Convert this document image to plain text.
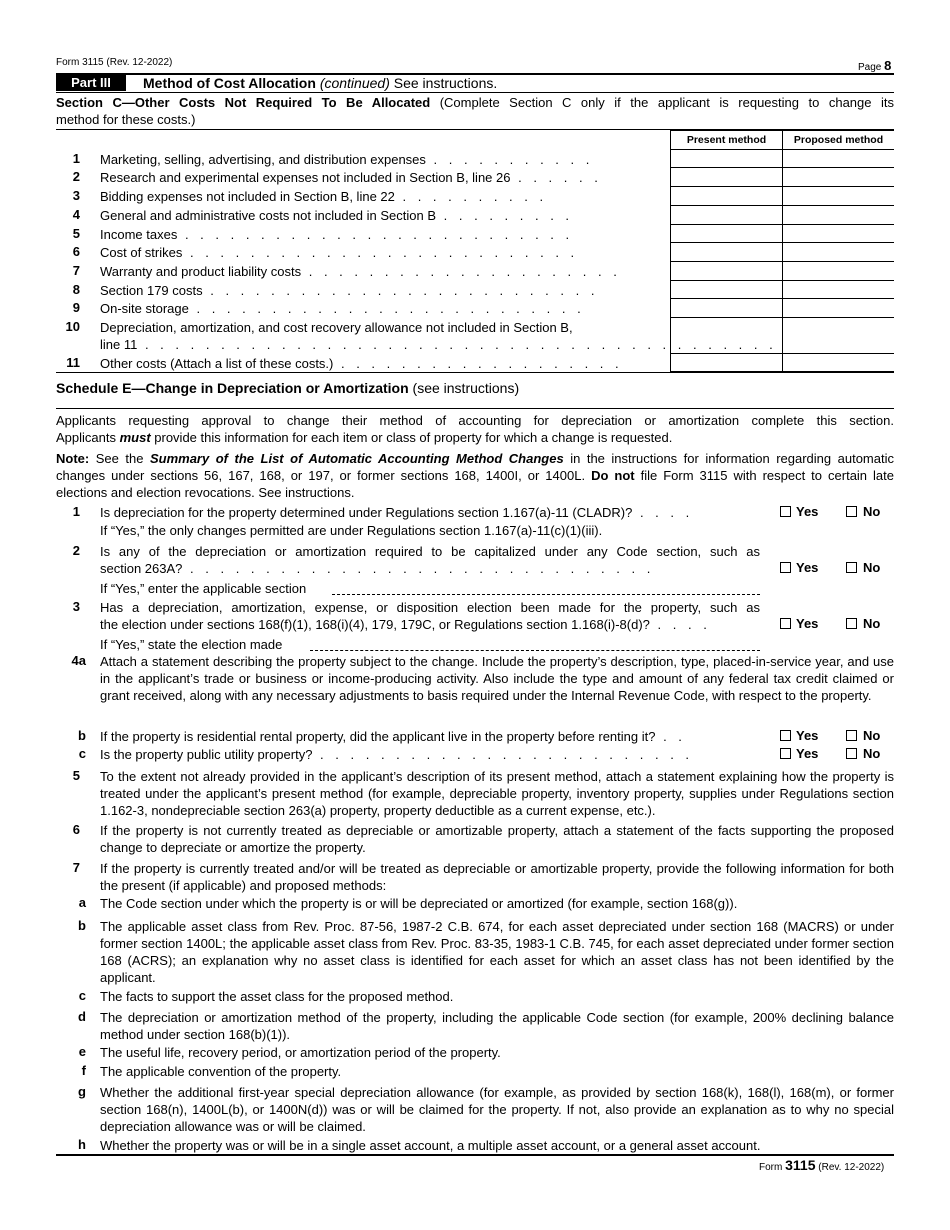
Form 3115 (Rev. 12-2022)	Page 8
Part III	Method of Cost Allocation (continued) See instructions.
Section C—Other Costs Not Required To Be Allocated (Complete Section C only if the applicant is requesting to change its
method for these costs.)
Present method	Proposed method
1 Marketing, selling, advertising, and distribution expenses . . . . . . . . . . .
2 Research and experimental expenses not included in Section B, line 26 . . . . . .
3 Bidding expenses not included in Section B, line 22 . . . . . . . . . .
4 General and administrative costs not included in Section B . . . . . . . . .
5 Income taxes . . . . . . . . . . . . . . . . . . . . . . . . . .
6 Cost of strikes . . . . . . . . . . . . . . . . . . . . . . . . . .
7 Warranty and product liability costs . . . . . . . . . . . . . . . . . . . . .
8 Section 179 costs . . . . . . . . . . . . . . . . . . . . . . . . . .
9 On-site storage . . . . . . . . . . . . . . . . . . . . . . . . . .
10 Depreciation, amortization, and cost recovery allowance not included in Section B,
line 11 . . . . . . . . . . . . . . . . . . . . . . . . . . . . . . . . . . . . . . . . . .
11 Other costs (Attach a list of these costs.) . . . . . . . . . . . . . . . . . . .
Schedule E—Change in Depreciation or Amortization (see instructions)
Applicants requesting approval to change their method of accounting for depreciation or amortization complete this section.
Applicants must provide this information for each item or class of property for which a change is requested.
Note: See the Summary of the List of Automatic Accounting Method Changes in the instructions for information regarding automatic
changes under sections 56, 167, 168, or 197, or former sections 168, 1400I, or 1400L. Do not file Form 3115 with respect to certain late
elections and election revocations. See instructions.
1 Is depreciation for the property determined under Regulations section 1.167(a)-11 (CLADR)? . . . .	Yes	No
If “Yes,” the only changes permitted are under Regulations section 1.167(a)-11(c)(1)(iii).
2 Is any of the depreciation or amortization required to be capitalized under any Code section, such as
section 263A? . . . . . . . . . . . . . . . . . . . . . . . . . . . . . . .	Yes	No
If “Yes,” enter the applicable section
3 Has a depreciation, amortization, expense, or disposition election been made for the property, such as
the election under sections 168(f)(1), 168(i)(4), 179, 179C, or Regulations section 1.168(i)-8(d)? . . . .	Yes	No
If “Yes,” state the election made
4a Attach a statement describing the property subject to the change. Include the property’s description, type, placed-in-service year, and use in the applicant’s trade or business or income-producing activity. Also include the type and amount of any federal tax credit claimed or grant received, along with any necessary adjustments to basis required under the Internal Revenue Code, with respect to the property.
b If the property is residential rental property, did the applicant live in the property before renting it? . .	Yes	No
c Is the property public utility property? . . . . . . . . . . . . . . . . . . . . . . . . .	Yes	No
5 To the extent not already provided in the applicant’s description of its present method, attach a statement explaining how the property is treated under the applicant’s present method (for example, depreciable property, inventory property, supplies under Regulations section 1.162-3, nondepreciable section 263(a) property, property deductible as a current expense, etc.).
6 If the property is not currently treated as depreciable or amortizable property, attach a statement of the facts supporting the proposed change to depreciate or amortize the property.
7 If the property is currently treated and/or will be treated as depreciable or amortizable property, provide the following information for both the present (if applicable) and proposed methods:
a The Code section under which the property is or will be depreciated or amortized (for example, section 168(g)).
b The applicable asset class from Rev. Proc. 87-56, 1987-2 C.B. 674, for each asset depreciated under section 168 (MACRS) or under former section 1400L; the applicable asset class from Rev. Proc. 83-35, 1983-1 C.B. 745, for each asset depreciated under former section 168 (ACRS); an explanation why no asset class is identified for each asset for which an asset class has not been identified by the applicant.
c The facts to support the asset class for the proposed method.
d The depreciation or amortization method of the property, including the applicable Code section (for example, 200% declining balance method under section 168(b)(1)).
e The useful life, recovery period, or amortization period of the property.
f The applicable convention of the property.
g Whether the additional first-year special depreciation allowance (for example, as provided by section 168(k), 168(l), 168(m), or former section 168(n), 1400L(b), or 1400N(d)) was or will be claimed for the property. If not, also provide an explanation as to why no special depreciation allowance was or will be claimed.
h Whether the property was or will be in a single asset account, a multiple asset account, or a general asset account.
Form 3115 (Rev. 12-2022)
